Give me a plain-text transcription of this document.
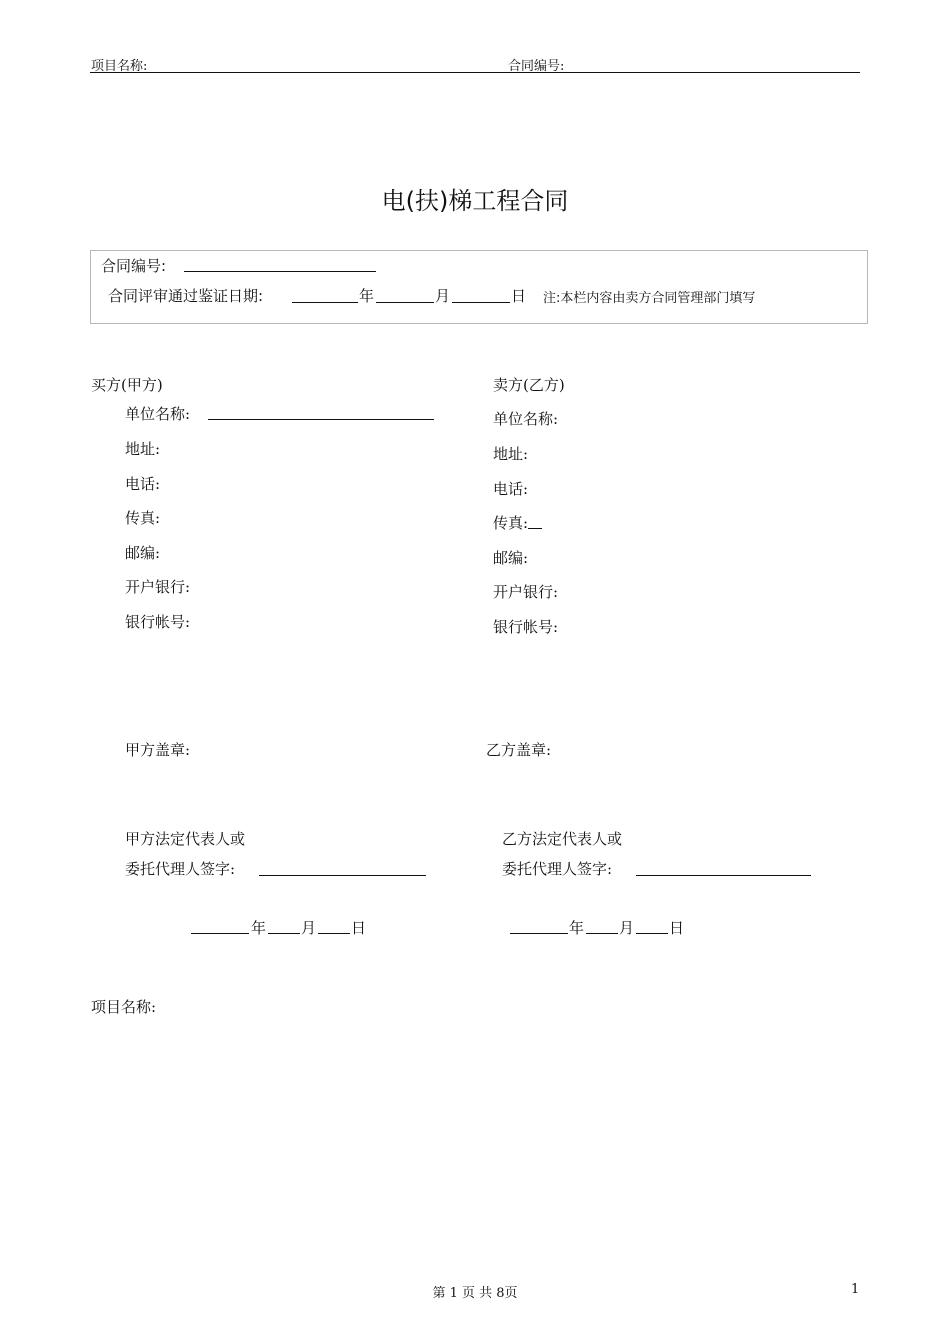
项目名称:	合同编号:
电(扶)梯工程合同
合同编号:
合同评审通过鉴证日期:	年	月	日 注:本栏内容由卖方合同管理部门填写
买方(甲方)
单位名称:
地址:
电话:
传真:
邮编:
开户银行:
银行帐号:
卖方(乙方)
单位名称:
地址:
电话:
传真:
邮编:
开户银行:
银行帐号:
甲方盖章:	乙方盖章:
甲方法定代表人或
委托代理人签字:
乙方法定代表人或
委托代理人签字:
年 月 日	年 月 日
项目名称:
第 1 页 共 8页	1
